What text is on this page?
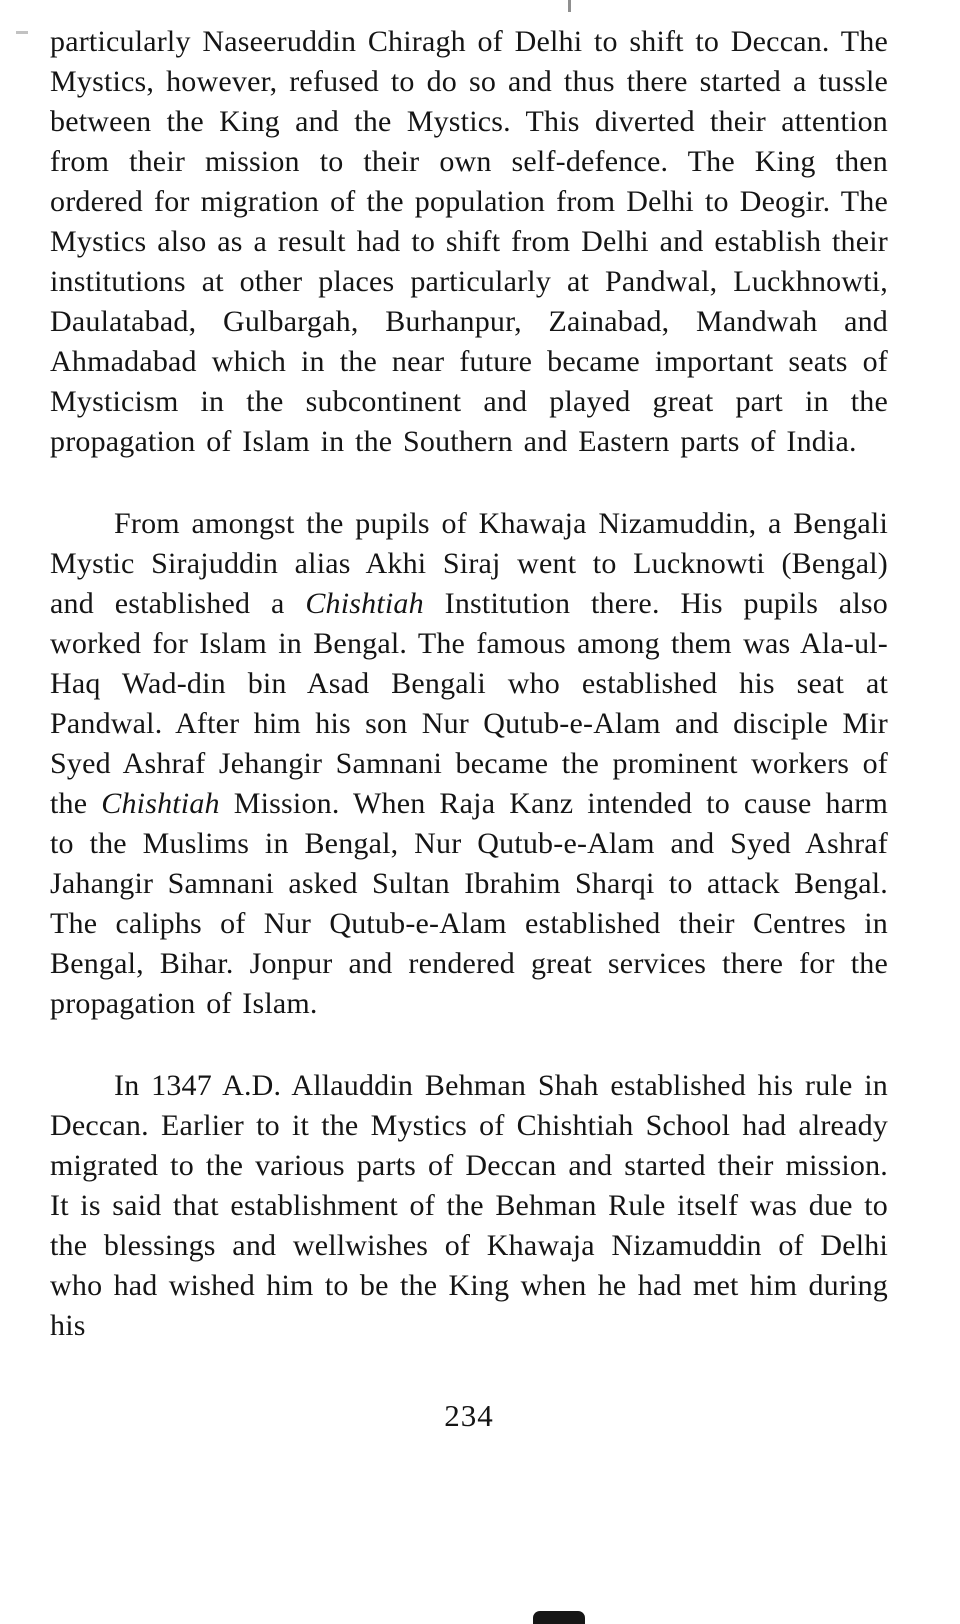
particularly Naseeruddin Chiragh of Delhi to shift to Deccan. The Mystics, however, refused to do so and thus there started a tussle between the King and the Mystics. This diverted their attention from their mission to their own self-defence. The King then ordered for migration of the population from Delhi to Deogir. The Mystics also as a result had to shift from Delhi and establish their institutions at other places particularly at Pandwal, Luckhnowti, Daulatabad, Gulbargah, Burhanpur, Zainabad, Mandwah and Ahmadabad which in the near future became important seats of Mysticism in the subcontinent and played great part in the propagation of Islam in the Southern and Eastern parts of India.

From amongst the pupils of Khawaja Nizamuddin, a Bengali Mystic Sirajuddin alias Akhi Siraj went to Lucknowti (Bengal) and established a Chishtiah Institution there. His pupils also worked for Islam in Bengal. The famous among them was Ala-ul-Haq Wad-din bin Asad Bengali who established his seat at Pandwal. After him his son Nur Qutub-e-Alam and disciple Mir Syed Ashraf Jehangir Samnani became the prominent workers of the Chishtiah Mission. When Raja Kanz intended to cause harm to the Muslims in Bengal, Nur Qutub-e-Alam and Syed Ashraf Jahangir Samnani asked Sultan Ibrahim Sharqi to attack Bengal. The caliphs of Nur Qutub-e-Alam established their Centres in Bengal, Bihar. Jonpur and rendered great services there for the propagation of Islam.

In 1347 A.D. Allauddin Behman Shah established his rule in Deccan. Earlier to it the Mystics of Chishtiah School had already migrated to the various parts of Deccan and started their mission. It is said that establishment of the Behman Rule itself was due to the blessings and wellwishes of Khawaja Nizamuddin of Delhi who had wished him to be the King when he had met him during his

234
